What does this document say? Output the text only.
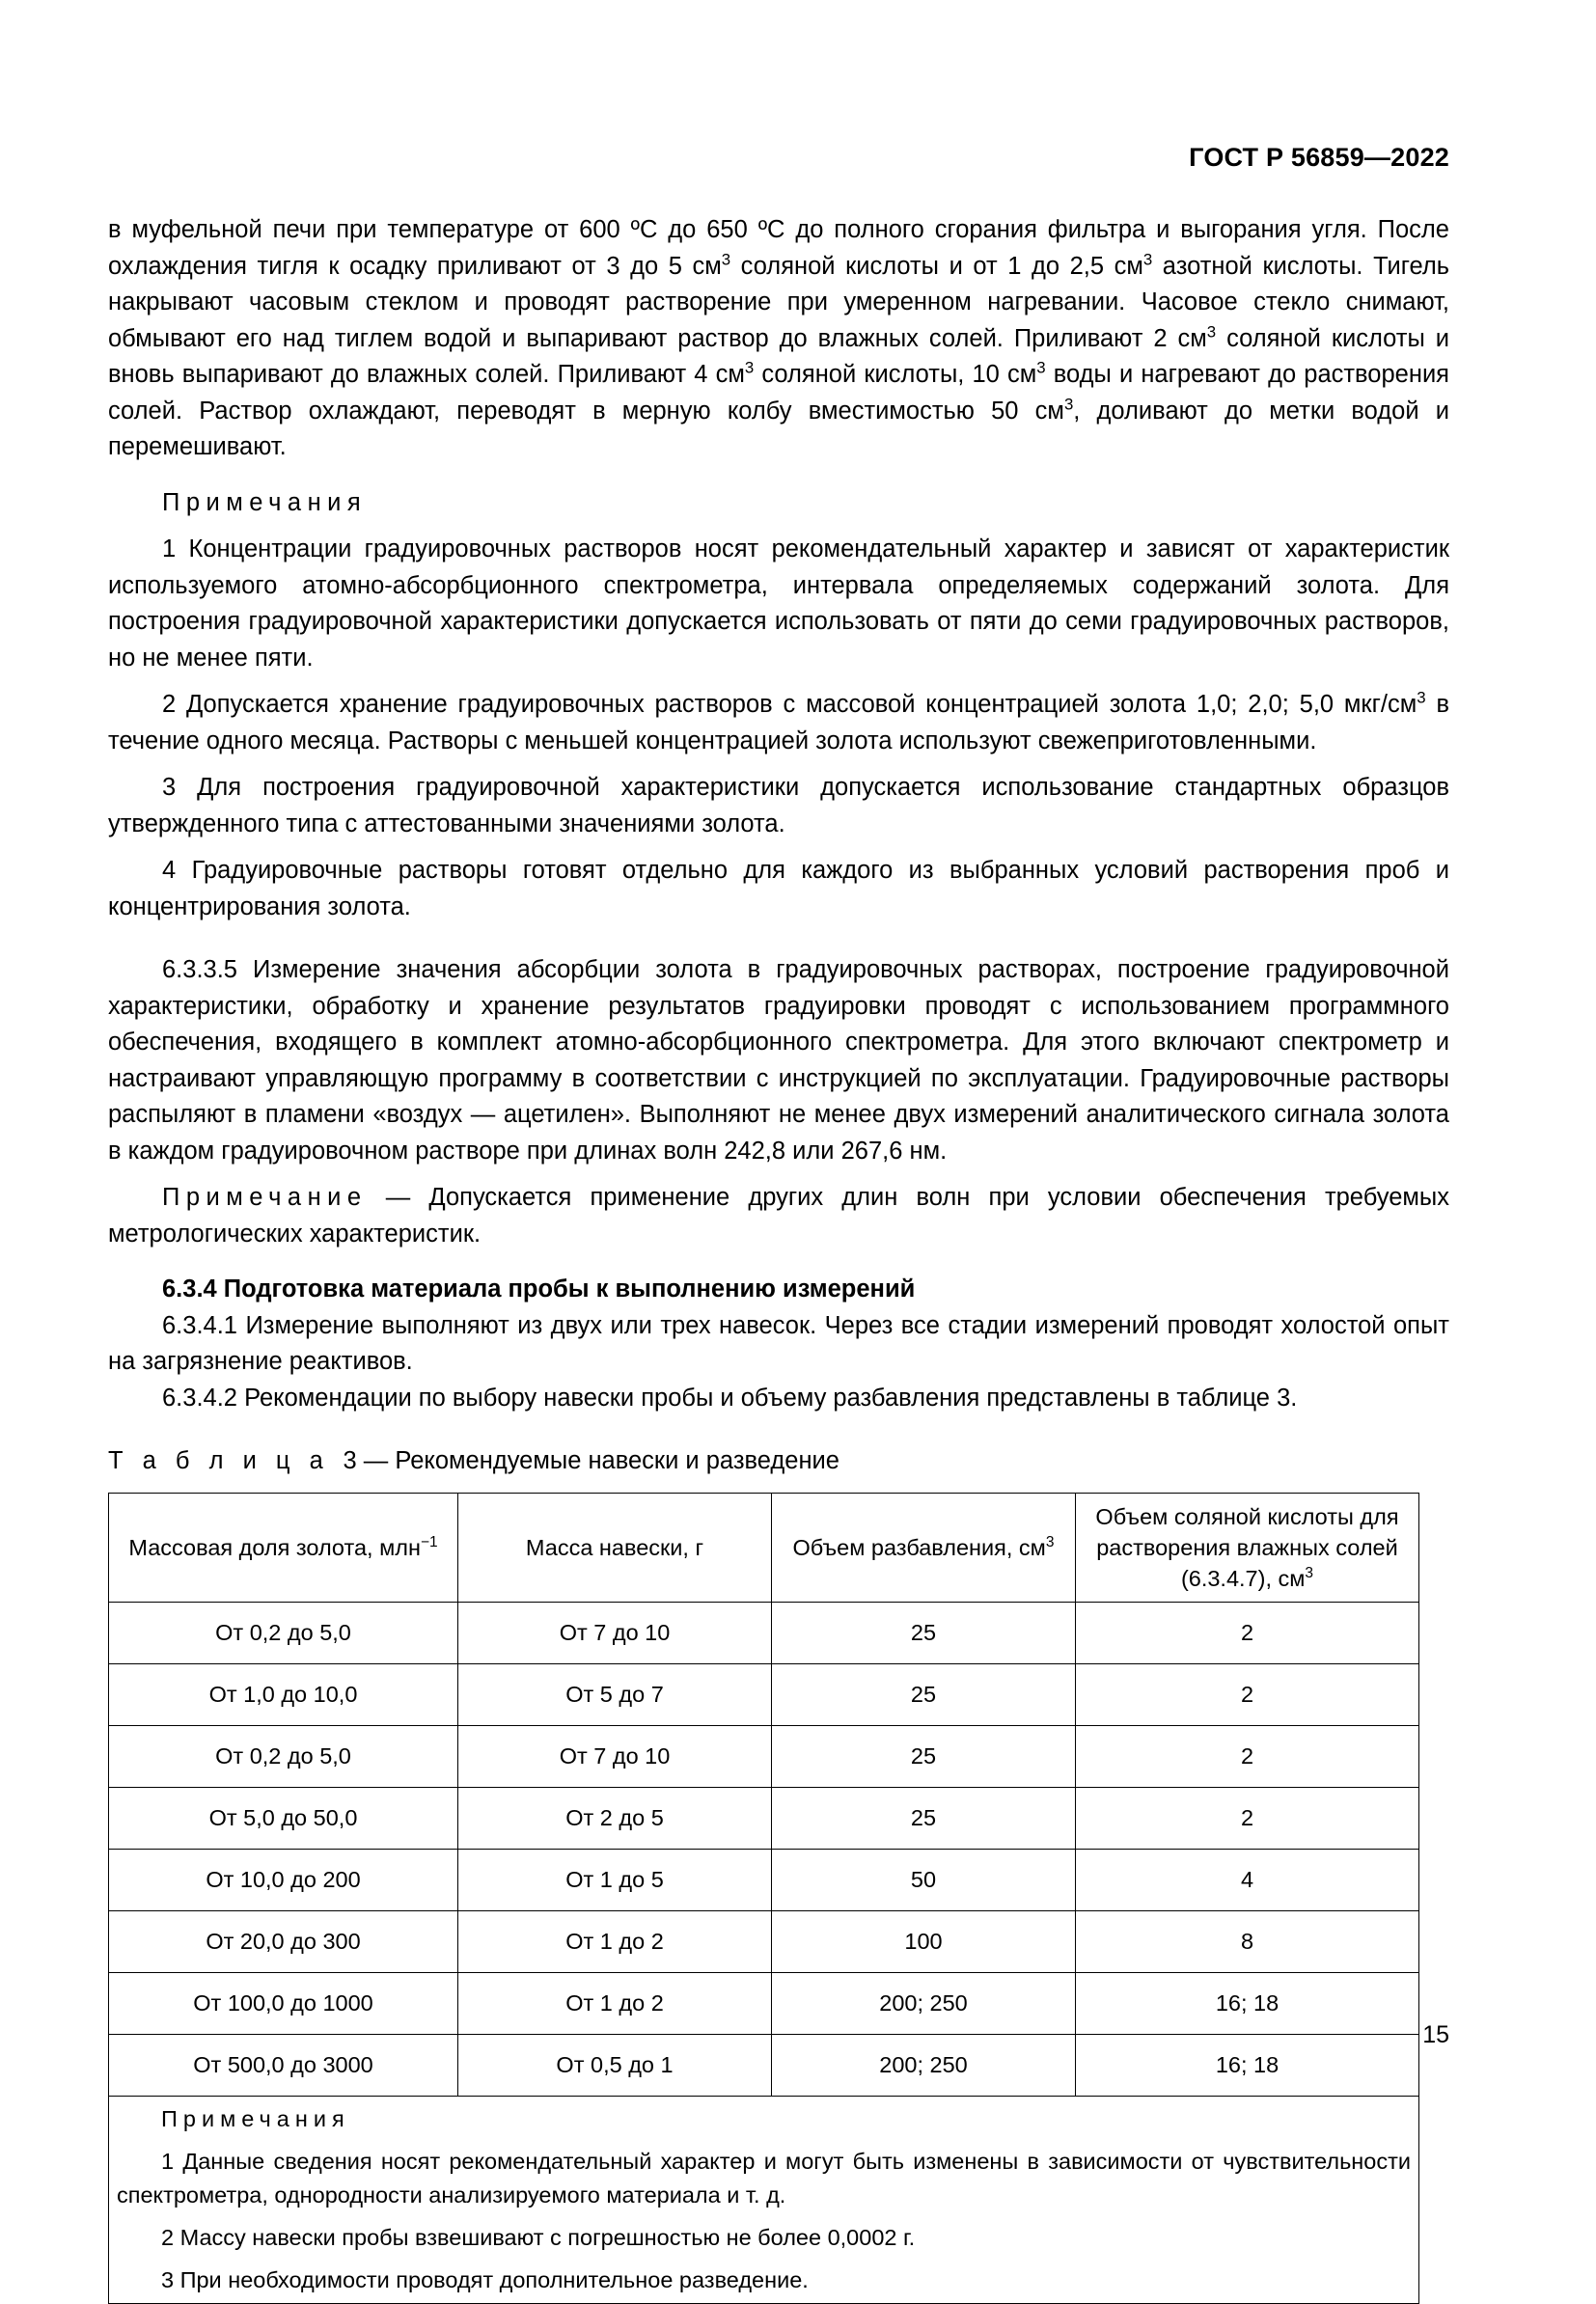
ГОСТ Р 56859—2022

в муфельной печи при температуре от 600 ºC до 650 ºC до полного сгорания фильтра и выгорания угля. После охлаждения тигля к осадку приливают от 3 до 5 $см^3$ соляной кислоты и от 1 до 2,5 $см^3$ азотной кислоты. Тигель накрывают часовым стеклом и проводят растворение при умеренном нагревании. Часовое стекло снимают, обмывают его над тиглем водой и выпаривают раствор до влажных солей. Приливают 2 $см^3$ соляной кислоты и вновь выпаривают до влажных солей. Приливают 4 $см^3$ соляной кислоты, 10 $см^3$ воды и нагревают до растворения солей. Раствор охлаждают, переводят в мерную колбу вместимостью 50 $см^3$, доливают до метки водой и перемешивают.

Примечания

1 Концентрации градуировочных растворов носят рекомендательный характер и зависят от характеристик используемого атомно-абсорбционного спектрометра, интервала определяемых содержаний золота. Для построения градуировочной характеристики допускается использовать от пяти до семи градуировочных растворов, но не менее пяти.

2 Допускается хранение градуировочных растворов с массовой концентрацией золота 1,0; 2,0; 5,0 мкг/$см^3$ в течение одного месяца. Растворы с меньшей концентрацией золота используют свежеприготовленными.

3 Для построения градуировочной характеристики допускается использование стандартных образцов утвержденного типа с аттестованными значениями золота.

4 Градуировочные растворы готовят отдельно для каждого из выбранных условий растворения проб и концентрирования золота.

6.3.3.5 Измерение значения абсорбции золота в градуировочных растворах, построение градуировочной характеристики, обработку и хранение результатов градуировки проводят с использованием программного обеспечения, входящего в комплект атомно-абсорбционного спектрометра. Для этого включают спектрометр и настраивают управляющую программу в соответствии с инструкцией по эксплуатации. Градуировочные растворы распыляют в пламени «воздух — ацетилен». Выполняют не менее двух измерений аналитического сигнала золота в каждом градуировочном растворе при длинах волн 242,8 или 267,6 нм.

Примечание — Допускается применение других длин волн при условии обеспечения требуемых метрологических характеристик.

6.3.4 Подготовка материала пробы к выполнению измерений

6.3.4.1 Измерение выполняют из двух или трех навесок. Через все стадии измерений проводят холостой опыт на загрязнение реактивов.

6.3.4.2 Рекомендации по выбору навески пробы и объему разбавления представлены в таблице 3.

Т а б л и ц а 3 — Рекомендуемые навески и разведение

Массовая доля золота, млн$^{-1}$	Масса навески, г	Объем разбавления, $см^3$	Объем соляной кислоты для растворения влажных солей (6.3.4.7), $см^3$
От 0,2 до 5,0	От 7 до 10	25	2
От 1,0 до 10,0	От 5 до 7	25	2
От 0,2 до 5,0	От 7 до 10	25	2
От 5,0 до 50,0	От 2 до 5	25	2
От 10,0 до 200	От 1 до 5	50	4
От 20,0 до 300	От 1 до 2	100	8
От 100,0 до 1000	От 1 до 2	200; 250	16; 18
От 500,0 до 3000	От 0,5 до 1	200; 250	16; 18

Примечания

1 Данные сведения носят рекомендательный характер и могут быть изменены в зависимости от чувствительности спектрометра, однородности анализируемого материала и т. д.

2 Массу навески пробы взвешивают с погрешностью не более 0,0002 г.

3 При необходимости проводят дополнительное разведение.			

15
